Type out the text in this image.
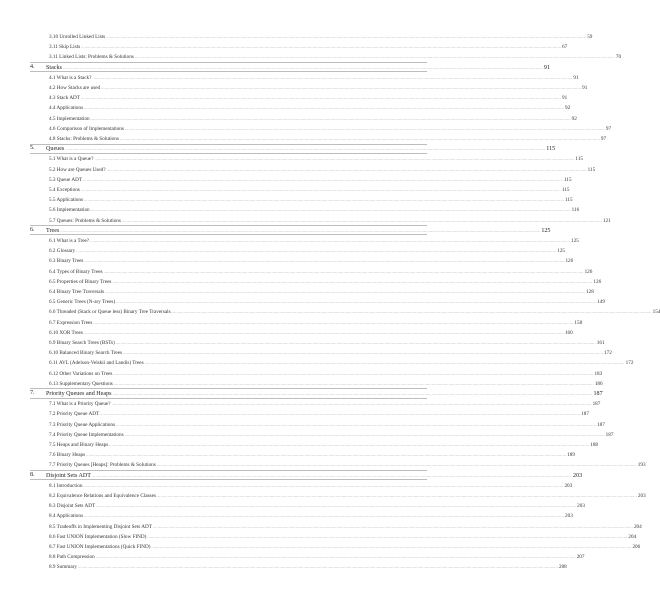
3.10 Unrolled Linked Lists ................................................................................................................................................................................................................................................................................................................................................................................................................ 59
3.11 Skip Lists ................................................................................................................................................................................................................................................................................................................................................................................................................ 67
3.11 Linked Lists: Problems & Solutions ................................................................................................................................................................................................................................................................................................................................................................................................................ 70
4.	Stacks ................................................................................................................................................................................................................................................................................................................................................................................................................ 91
4.1 What is a Stack? ................................................................................................................................................................................................................................................................................................................................................................................................................ 91
4.2 How Stacks are used ................................................................................................................................................................................................................................................................................................................................................................................................................ 91
4.3 Stack ADT ................................................................................................................................................................................................................................................................................................................................................................................................................ 91
4.4 Applications ................................................................................................................................................................................................................................................................................................................................................................................................................ 92
4.5 Implementation ................................................................................................................................................................................................................................................................................................................................................................................................................ 92
4.6 Comparison of Implementations ................................................................................................................................................................................................................................................................................................................................................................................................................ 97
4.8 Stacks: Problems & Solutions ................................................................................................................................................................................................................................................................................................................................................................................................................ 97
5.	Queues ................................................................................................................................................................................................................................................................................................................................................................................................................ 115
5.1 What is a Queue? ................................................................................................................................................................................................................................................................................................................................................................................................................ 115
5.2 How are Queues Used? ................................................................................................................................................................................................................................................................................................................................................................................................................ 115
5.3 Queue ADT ................................................................................................................................................................................................................................................................................................................................................................................................................ 115
5.4 Exceptions ................................................................................................................................................................................................................................................................................................................................................................................................................ 115
5.5 Applications ................................................................................................................................................................................................................................................................................................................................................................................................................ 115
5.6 Implementation ................................................................................................................................................................................................................................................................................................................................................................................................................ 116
5.7 Queues: Problems & Solutions ................................................................................................................................................................................................................................................................................................................................................................................................................ 121
6.	Trees ................................................................................................................................................................................................................................................................................................................................................................................................................ 125
6.1 What is a Tree? ................................................................................................................................................................................................................................................................................................................................................................................................................ 125
6.2 Glossary ................................................................................................................................................................................................................................................................................................................................................................................................................ 125
6.3 Binary Trees ................................................................................................................................................................................................................................................................................................................................................................................................................ 126
6.4 Types of Binary Trees ................................................................................................................................................................................................................................................................................................................................................................................................................ 126
6.5 Properties of Binary Trees ................................................................................................................................................................................................................................................................................................................................................................................................................ 126
6.4 Binary Tree Traversals ................................................................................................................................................................................................................................................................................................................................................................................................................ 128
6.5 Generic Trees (N-ary Trees) ................................................................................................................................................................................................................................................................................................................................................................................................................ 149
6.6 Threaded (Stack or Queue less) Binary Tree Traversals ................................................................................................................................................................................................................................................................................................................................................................................................................ 154
6.7 Expression Trees ................................................................................................................................................................................................................................................................................................................................................................................................................ 158
6.10 XOR Trees ................................................................................................................................................................................................................................................................................................................................................................................................................ 160
6.9 Binary Search Trees (BSTs) ................................................................................................................................................................................................................................................................................................................................................................................................................ 161
6.10 Balanced Binary Search Trees ................................................................................................................................................................................................................................................................................................................................................................................................................ 172
6.11 AVL (Adelson-Velskii and Landis) Trees ................................................................................................................................................................................................................................................................................................................................................................................................................ 172
6.12 Other Variations on Trees ................................................................................................................................................................................................................................................................................................................................................................................................................ 183
6.13 Supplementary Questions ................................................................................................................................................................................................................................................................................................................................................................................................................ 186
7.	Priority Queues and Heaps ................................................................................................................................................................................................................................................................................................................................................................................................................ 187
7.1 What is a Priority Queue? ................................................................................................................................................................................................................................................................................................................................................................................................................ 187
7.2 Priority Queue ADT ................................................................................................................................................................................................................................................................................................................................................................................................................ 187
7.3 Priority Queue Applications ................................................................................................................................................................................................................................................................................................................................................................................................................ 187
7.4 Priority Queue Implementations ................................................................................................................................................................................................................................................................................................................................................................................................................ 187
7.5 Heaps and Binary Heaps ................................................................................................................................................................................................................................................................................................................................................................................................................ 188
7.6 Binary Heaps ................................................................................................................................................................................................................................................................................................................................................................................................................ 189
7.7 Priority Queues [Heaps]: Problems & Solutions ................................................................................................................................................................................................................................................................................................................................................................................................................ 193
8.	Disjoint Sets ADT ................................................................................................................................................................................................................................................................................................................................................................................................................ 203
8.1 Introduction ................................................................................................................................................................................................................................................................................................................................................................................................................ 203
8.2 Equivalence Relations and Equivalence Classes ................................................................................................................................................................................................................................................................................................................................................................................................................ 203
8.3 Disjoint Sets ADT ................................................................................................................................................................................................................................................................................................................................................................................................................ 203
8.4 Applications ................................................................................................................................................................................................................................................................................................................................................................................................................ 203
8.5 Tradeoffs in Implementing Disjoint Sets ADT ................................................................................................................................................................................................................................................................................................................................................................................................................ 204
8.6 Fast UNION Implementation (Slow FIND) ................................................................................................................................................................................................................................................................................................................................................................................................................ 204
8.7 Fast UNION Implementations (Quick FIND) ................................................................................................................................................................................................................................................................................................................................................................................................................ 206
8.8 Path Compression ................................................................................................................................................................................................................................................................................................................................................................................................................ 207
8.9 Summary ................................................................................................................................................................................................................................................................................................................................................................................................................ 208
